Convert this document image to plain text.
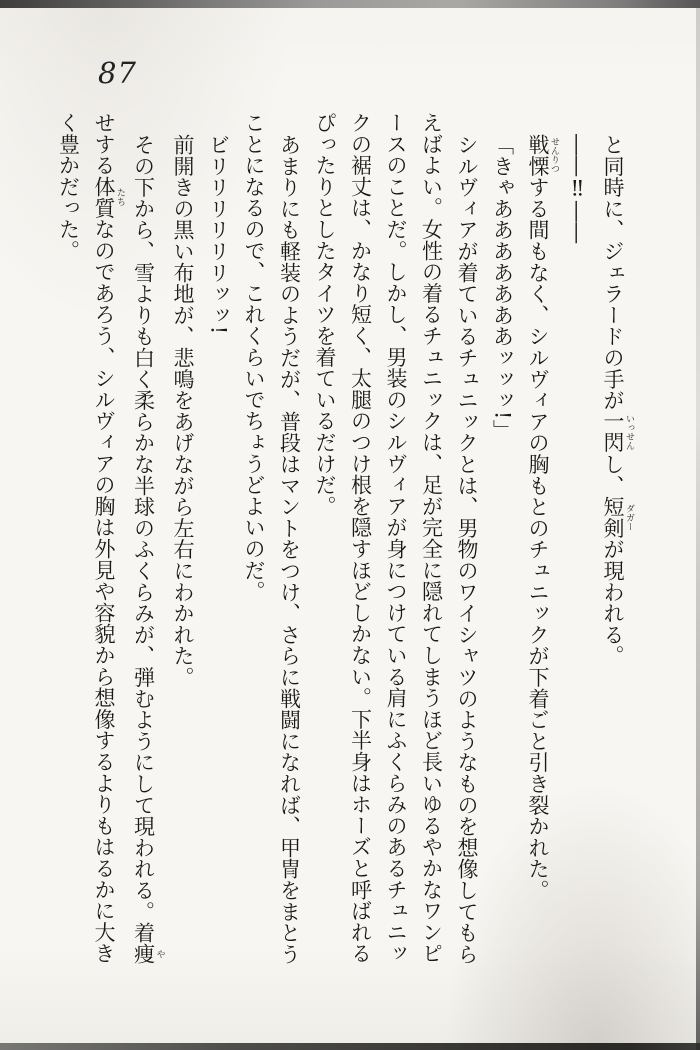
87

と同時に、ジェラードの手が一閃 いっせんし、短剣 ダガーが現われる。

――‼――

戦慄 せんりつする間もなく、シルヴィアの胸もとのチュニックが下着ごと引き裂かれた。

「きゃあああああああッッッ!」

シルヴィアが着ているチュニックとは、男物のワイシャツのようなものを想像してもら

えばよい。女性の着るチュニックは、足が完全に隠れてしまうほど長いゆるやかなワンピ

ースのことだ。しかし、男装のシルヴィアが身につけている肩にふくらみのあるチュニッ

クの裾丈は、かなり短く、太腿のつけ根を隠すほどしかない。下半身はホーズと呼ばれる

ぴったりとしたタイツを着ているだけだ。

あまりにも軽装のようだが、普段はマントをつけ、さらに戦闘になれば、甲冑をまとう

ことになるので、これくらいでちょうどよいのだ。

ビリリリリリリッッ!

前開きの黒い布地が、悲鳴をあげながら左右にわかれた。

その下から、雪よりも白く柔らかな半球のふくらみが、弾むようにして現われる。着痩 や

せする体質 たちなのであろう、シルヴィアの胸は外見や容貌から想像するよりもはるかに大き

く豊かだった。
